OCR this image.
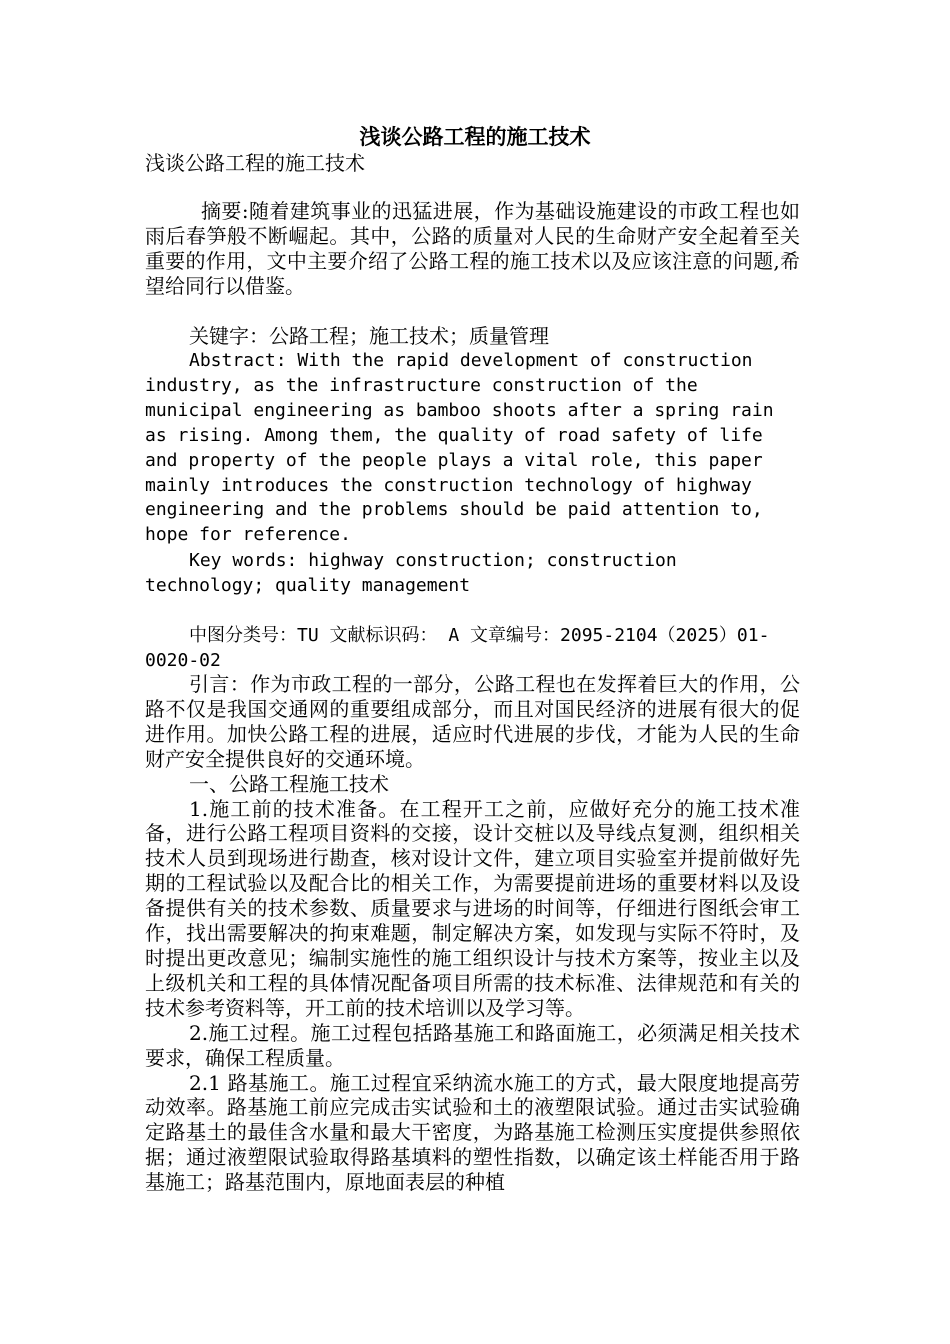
浅谈公路工程的施工技术
浅谈公路工程的施工技术

摘要:随着建筑事业的迅猛进展，作为基础设施建设的市政工程也如雨后春笋般不断崛起。其中，公路的质量对人民的生命财产安全起着至关重要的作用，文中主要介绍了公路工程的施工技术以及应该注意的问题,希望给同行以借鉴。

关键字：公路工程；施工技术；质量管理

Abstract: With the rapid development of construction industry, as the infrastructure construction of the municipal engineering as bamboo shoots after a spring rain as rising. Among them, the quality of road safety of life and property of the people plays a vital role, this paper mainly introduces the construction technology of highway engineering and the problems should be paid attention to, hope for reference.

Key words: highway construction; construction technology; quality management

中图分类号：TU 文献标识码： A 文章编号：2095-2104（2025）01-0020-02

引言：作为市政工程的一部分，公路工程也在发挥着巨大的作用，公路不仅是我国交通网的重要组成部分，而且对国民经济的进展有很大的促进作用。加快公路工程的进展，适应时代进展的步伐，才能为人民的生命财产安全提供良好的交通环境。

一、公路工程施工技术

1.施工前的技术准备。在工程开工之前，应做好充分的施工技术准备，进行公路工程项目资料的交接，设计交桩以及导线点复测，组织相关技术人员到现场进行勘查，核对设计文件，建立项目实验室并提前做好先期的工程试验以及配合比的相关工作，为需要提前进场的重要材料以及设备提供有关的技术参数、质量要求与进场的时间等，仔细进行图纸会审工作，找出需要解决的拘束难题，制定解决方案，如发现与实际不符时，及时提出更改意见；编制实施性的施工组织设计与技术方案等，按业主以及上级机关和工程的具体情况配备项目所需的技术标准、法律规范和有关的技术参考资料等，开工前的技术培训以及学习等。

2.施工过程。施工过程包括路基施工和路面施工，必须满足相关技术要求，确保工程质量。

2.1 路基施工。施工过程宜采纳流水施工的方式，最大限度地提高劳动效率。路基施工前应完成击实试验和土的液塑限试验。通过击实试验确定路基土的最佳含水量和最大干密度，为路基施工检测压实度提供参照依据；通过液塑限试验取得路基填料的塑性指数，以确定该土样能否用于路基施工；路基范围内，原地面表层的种植
